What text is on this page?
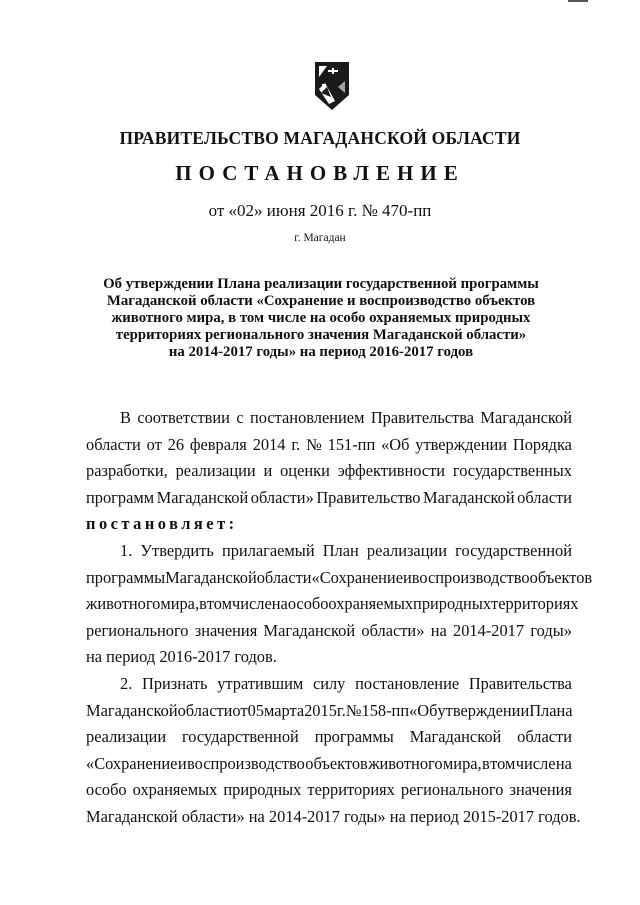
ПРАВИТЕЛЬСТВО МАГАДАНСКОЙ ОБЛАСТИ
ПОСТАНОВЛЕНИЕ
от «02» июня 2016 г. № 470-пп
г. Магадан
Об утверждении Плана реализации государственной программы
Магаданской области «Сохранение и воспроизводство объектов
животного мира, в том числе на особо охраняемых природных
территориях регионального значения Магаданской области»
на 2014-2017 годы» на период 2016-2017 годов
В соответствии с постановлением Правительства Магаданской
области от 26 февраля 2014 г. № 151-пп «Об утверждении Порядка
разработки, реализации и оценки эффективности государственных
программ Магаданской области» Правительство Магаданской области
постановляет:
1. Утвердить прилагаемый План реализации государственной
программы Магаданской области «Сохранение и воспроизводство объектов
животного мира, в том числе на особо охраняемых природных территориях
регионального значения Магаданской области» на 2014-2017 годы»
на период 2016-2017 годов.
2. Признать утратившим силу постановление Правительства
Магаданской области от 05 марта 2015 г. № 158-пп «Об утверждении Плана
реализации государственной программы Магаданской области
«Сохранение и воспроизводство объектов животного мира, в том числе на
особо охраняемых природных территориях регионального значения
Магаданской области» на 2014-2017 годы» на период 2015-2017 годов.
